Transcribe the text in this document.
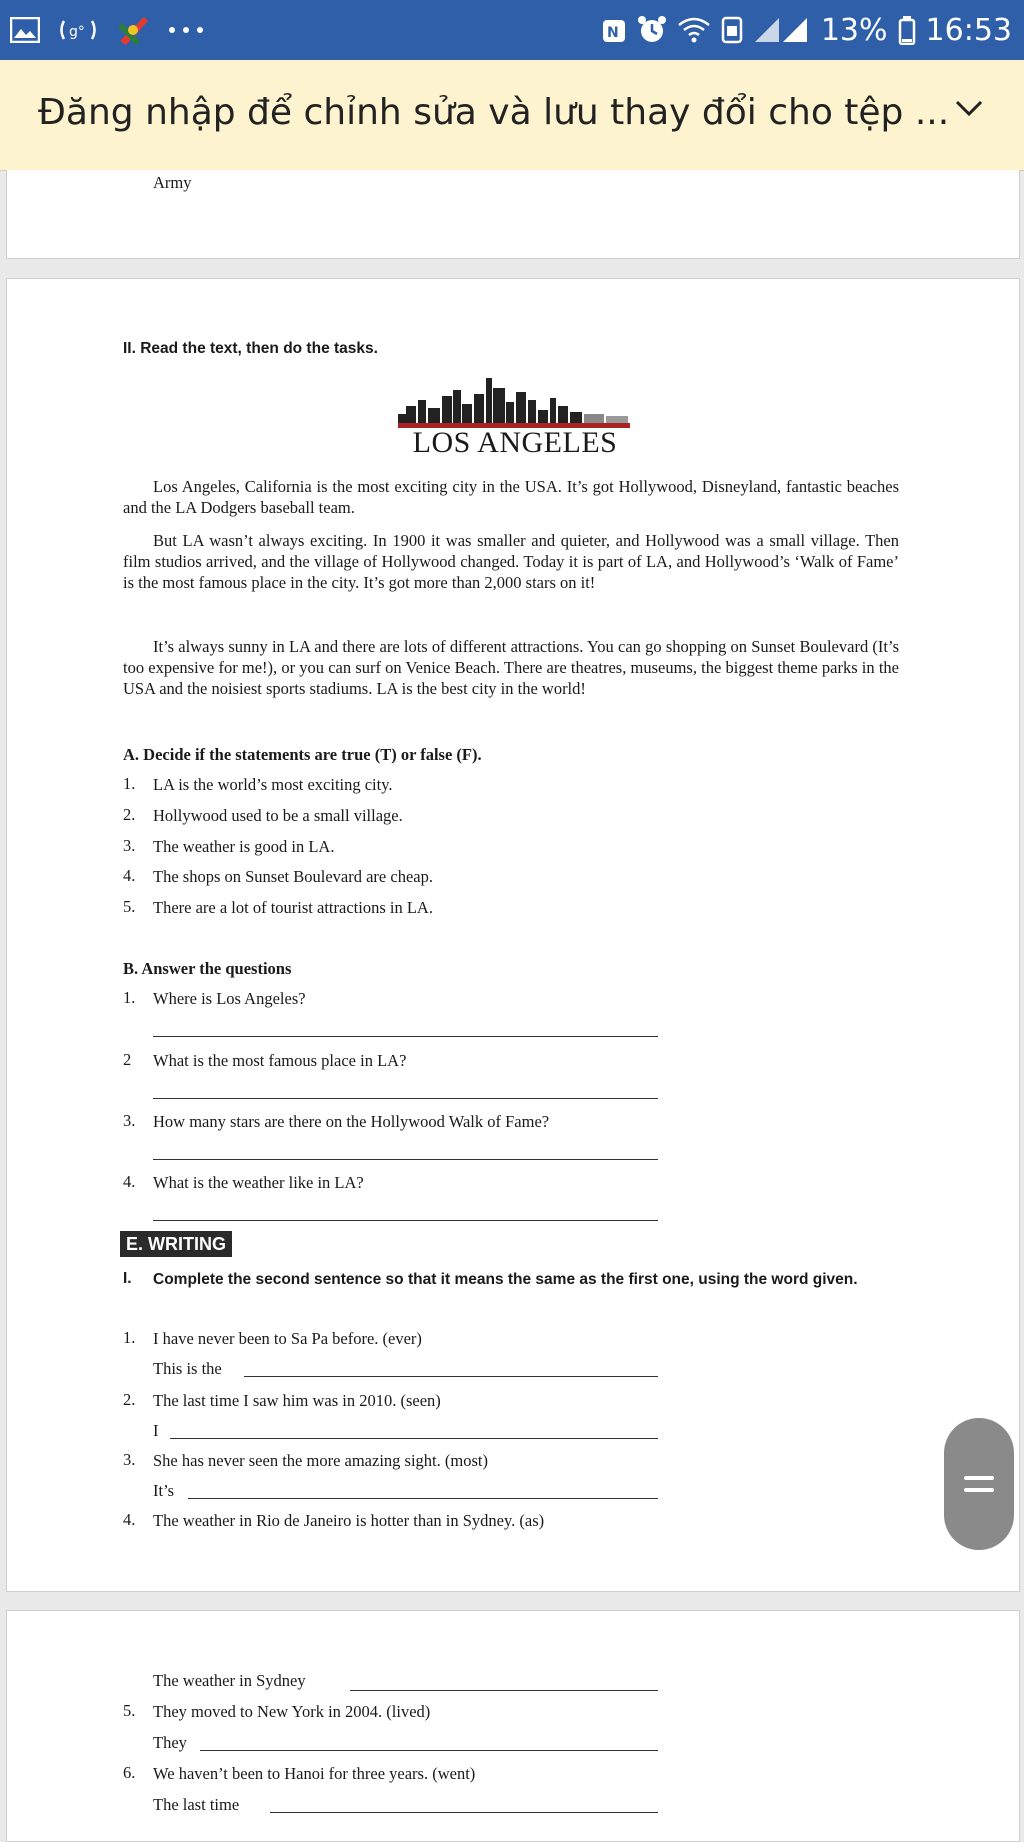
g°	N	13% 16:53
Đăng nhập để chỉnh sửa và lưu thay đổi cho tệp ...
Army
II. Read the text, then do the tasks.
LOS ANGELES
Los Angeles, California is the most exciting city in the USA. It’s got Hollywood, Disneyland, fantastic beaches and the LA Dodgers baseball team.
But LA wasn’t always exciting. In 1900 it was smaller and quieter, and Hollywood was a small village. Then film studios arrived, and the village of Hollywood changed. Today it is part of LA, and Hollywood’s ‘Walk of Fame’ is the most famous place in the city. It’s got more than 2,000 stars on it!
It’s always sunny in LA and there are lots of different attractions. You can go shopping on Sunset Boulevard (It’s too expensive for me!), or you can surf on Venice Beach. There are theatres, museums, the biggest theme parks in the USA and the noisiest sports stadiums. LA is the best city in the world!
A. Decide if the statements are true (T) or false (F).
1. LA is the world’s most exciting city.
2. Hollywood used to be a small village.
3. The weather is good in LA.
4. The shops on Sunset Boulevard are cheap.
5. There are a lot of tourist attractions in LA.
B. Answer the questions
1. Where is Los Angeles?
2 What is the most famous place in LA?
3. How many stars are there on the Hollywood Walk of Fame?
4. What is the weather like in LA?
E. WRITING
I. Complete the second sentence so that it means the same as the first one, using the word given.
1. I have never been to Sa Pa before. (ever)
This is the
2. The last time I saw him was in 2010. (seen)
I
3. She has never seen the more amazing sight. (most)
It’s
4. The weather in Rio de Janeiro is hotter than in Sydney. (as)
The weather in Sydney
5. They moved to New York in 2004. (lived)
They
6. We haven’t been to Hanoi for three years. (went)
The last time
